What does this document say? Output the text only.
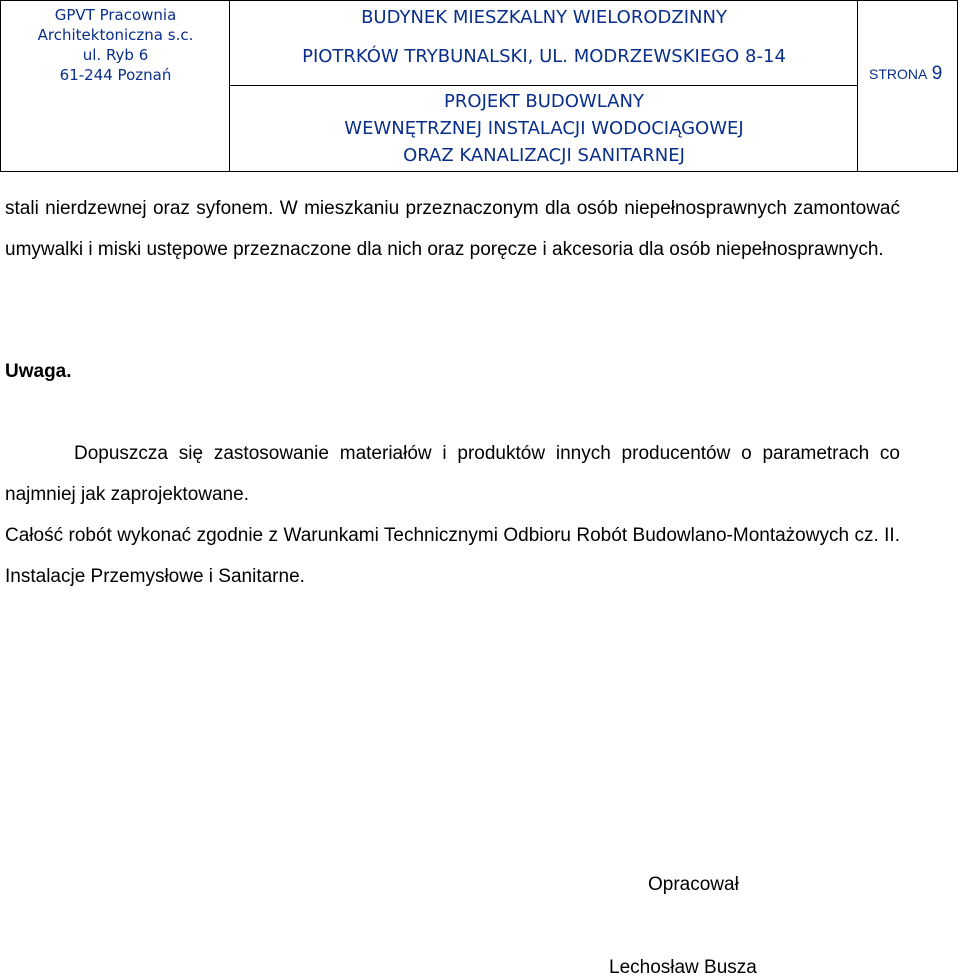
GPVT Pracownia
Architektoniczna s.c.
ul. Ryb 6
61-244 Poznań
BUDYNEK MIESZKALNY WIELORODZINNY
PIOTRKÓW TRYBUNALSKI, UL. MODRZEWSKIEGO 8-14
PROJEKT BUDOWLANY
WEWNĘTRZNEJ INSTALACJI WODOCIĄGOWEJ
ORAZ KANALIZACJI SANITARNEJ
STRONA 9
stali nierdzewnej oraz syfonem. W mieszkaniu przeznaczonym dla osób niepełnosprawnych zamontować umywalki i miski ustępowe przeznaczone dla nich oraz poręcze i akcesoria dla osób niepełnosprawnych.
Uwaga.
Dopuszcza się zastosowanie materiałów i produktów innych producentów o parametrach co najmniej jak zaprojektowane.
Całość robót wykonać zgodnie z Warunkami Technicznymi Odbioru Robót Budowlano-Montażowych cz. II. Instalacje Przemysłowe i Sanitarne.
Opracował
Lechosław Busza
